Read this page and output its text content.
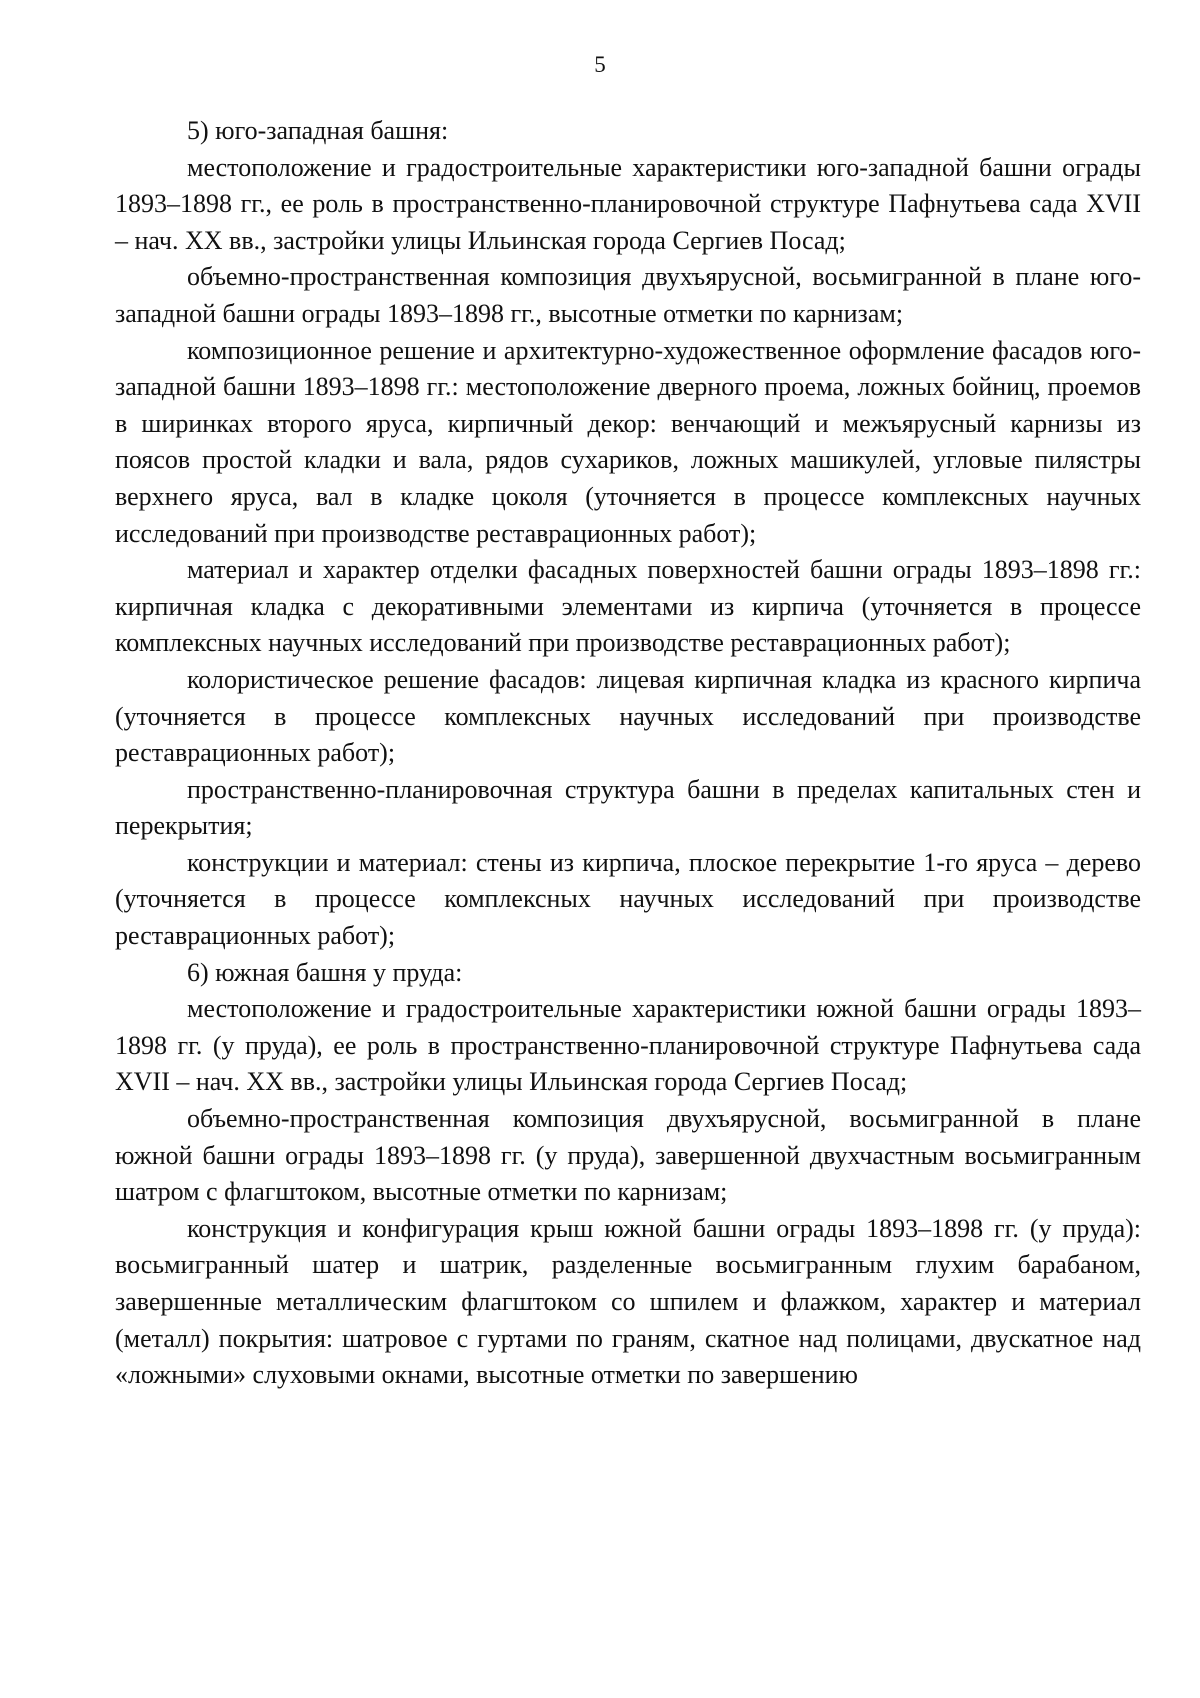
5

5) юго-западная башня:

местоположение и градостроительные характеристики юго-западной башни ограды 1893–1898 гг., ее роль в пространственно-планировочной структуре Пафнутьева сада XVII – нач. XX вв., застройки улицы Ильинская города Сергиев Посад;

объемно-пространственная композиция двухъярусной, восьмигранной в плане юго-западной башни ограды 1893–1898 гг., высотные отметки по карнизам;

композиционное решение и архитектурно-художественное оформление фасадов юго-западной башни 1893–1898 гг.: местоположение дверного проема, ложных бойниц, проемов в ширинках второго яруса, кирпичный декор: венчающий и межъярусный карнизы из поясов простой кладки и вала, рядов сухариков, ложных машикулей, угловые пилястры верхнего яруса, вал в кладке цоколя (уточняется в процессе комплексных научных исследований при производстве реставрационных работ);

материал и характер отделки фасадных поверхностей башни ограды 1893–1898 гг.: кирпичная кладка с декоративными элементами из кирпича (уточняется в процессе комплексных научных исследований при производстве реставрационных работ);

колористическое решение фасадов: лицевая кирпичная кладка из красного кирпича (уточняется в процессе комплексных научных исследований при производстве реставрационных работ);

пространственно-планировочная структура башни в пределах капитальных стен и перекрытия;

конструкции и материал: стены из кирпича, плоское перекрытие 1-го яруса – дерево (уточняется в процессе комплексных научных исследований при производстве реставрационных работ);

6) южная башня у пруда:

местоположение и градостроительные характеристики южной башни ограды 1893–1898 гг. (у пруда), ее роль в пространственно-планировочной структуре Пафнутьева сада XVII – нач. XX вв., застройки улицы Ильинская города Сергиев Посад;

объемно-пространственная композиция двухъярусной, восьмигранной в плане южной башни ограды 1893–1898 гг. (у пруда), завершенной двухчастным восьмигранным шатром с флагштоком, высотные отметки по карнизам;

конструкция и конфигурация крыш южной башни ограды 1893–1898 гг. (у пруда): восьмигранный шатер и шатрик, разделенные восьмигранным глухим барабаном, завершенные металлическим флагштоком со шпилем и флажком, характер и материал (металл) покрытия: шатровое с гуртами по граням, скатное над полицами, двускатное над «ложными» слуховыми окнами, высотные отметки по завершению
